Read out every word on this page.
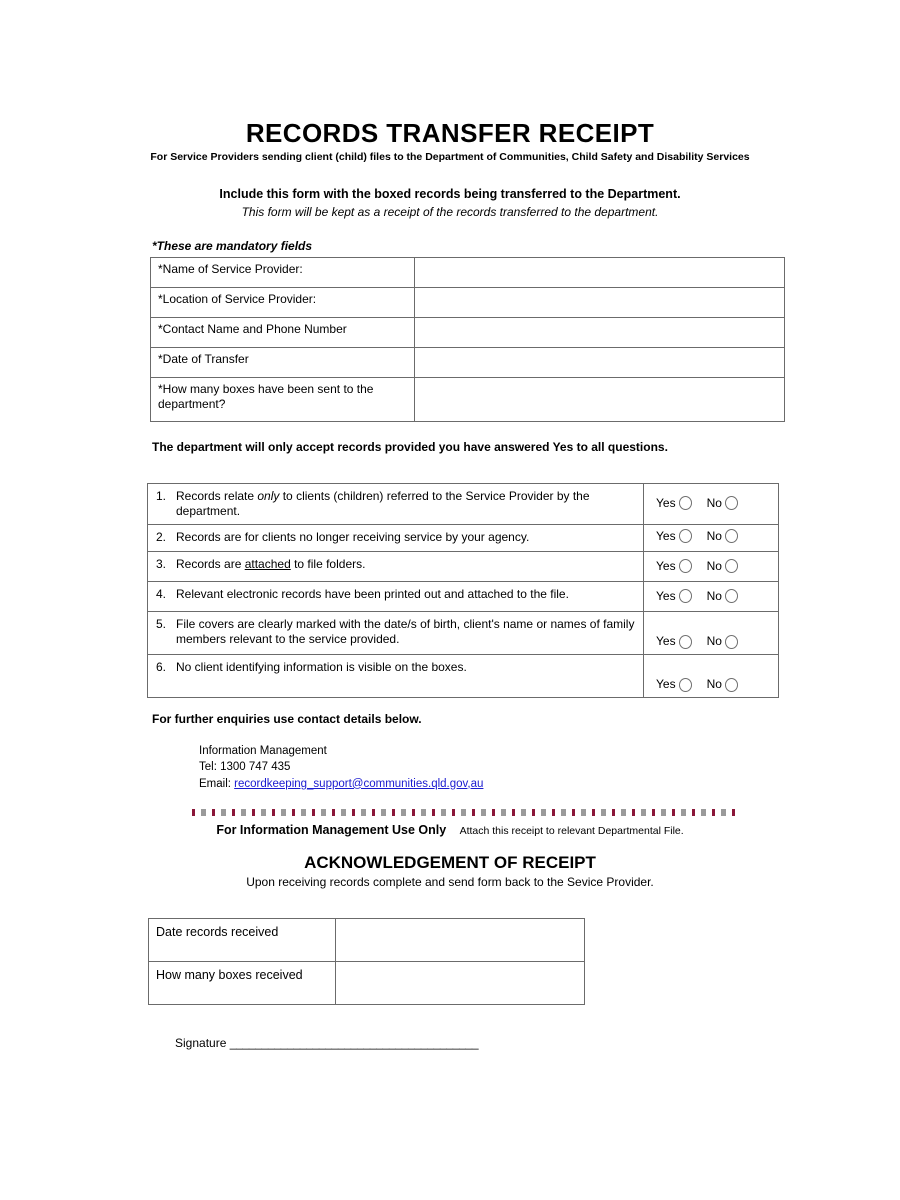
RECORDS TRANSFER RECEIPT
For Service Providers sending client (child) files to the Department of Communities, Child Safety and Disability Services
Include this form with the boxed records being transferred to the Department.
This form will be kept as a receipt of the records transferred to the department.
*These are mandatory fields
*Name of Service Provider:	
*Location of Service Provider:	
*Contact Name and Phone Number	
*Date of Transfer	
*How many boxes have been sent to the department?	
The department will only accept records provided you have answered Yes to all questions.
1. Records relate only to clients (children) referred to the Service Provider by the department.	Yes No

2. Records are for clients no longer receiving service by your agency.	Yes No

3. Records are attached to file folders.	Yes No

4. Relevant electronic records have been printed out and attached to the file.	Yes No

5. File covers are clearly marked with the date/s of birth, client's name or names of family members relevant to the service provided.	Yes No

6. No client identifying information is visible on the boxes.	Yes No
For further enquiries use contact details below.
Information Management
Tel: 1300 747 435
Email: recordkeeping_support@communities.qld.gov,au
For Information Management Use Only Attach this receipt to relevant Departmental File.
ACKNOWLEDGEMENT OF RECEIPT
Upon receiving records complete and send form back to the Sevice Provider.
Date records received	
How many boxes received	
Signature _______________________________________
